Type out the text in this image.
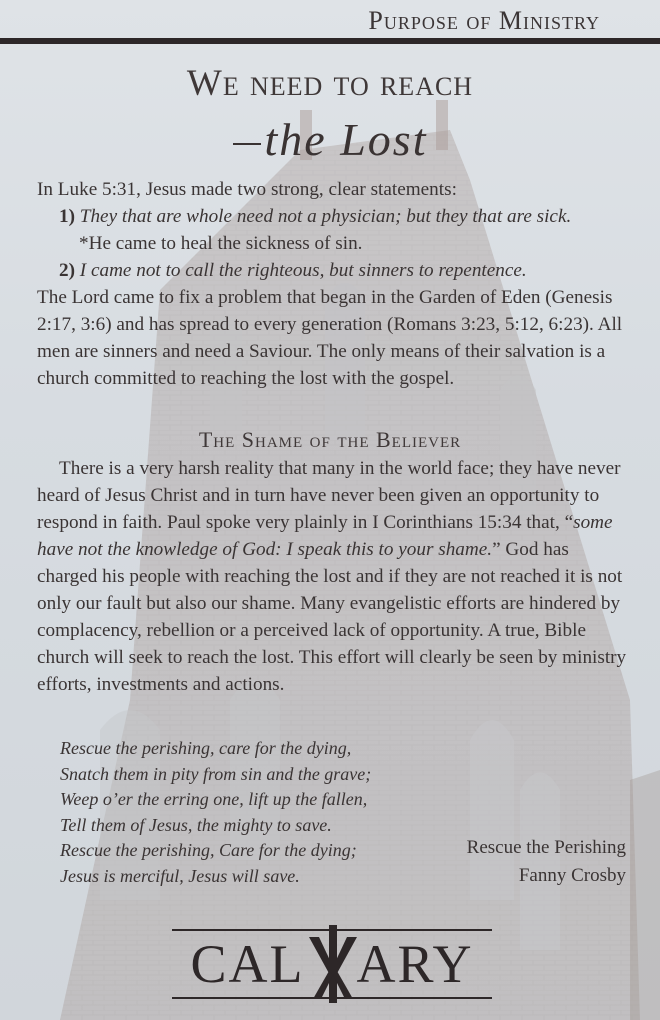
Purpose of Ministry
We need to reach
the Lost
In Luke 5:31, Jesus made two strong, clear statements:
1) They that are whole need not a physician; but they that are sick.
*He came to heal the sickness of sin.
2) I came not to call the righteous, but sinners to repentence.
The Lord came to fix a problem that began in the Garden of Eden (Genesis 2:17, 3:6) and has spread to every generation (Romans 3:23, 5:12, 6:23). All men are sinners and need a Saviour. The only means of their salvation is a church committed to reaching the lost with the gospel.
The Shame of the Believer
There is a very harsh reality that many in the world face; they have never heard of Jesus Christ and in turn have never been given an opportunity to respond in faith. Paul spoke very plainly in I Corinthians 15:34 that, “some have not the knowledge of God: I speak this to your shame.” God has charged his people with reaching the lost and if they are not reached it is not only our fault but also our shame. Many evangelistic efforts are hindered by complacency, rebellion or a perceived lack of opportunity. A true, Bible church will seek to reach the lost. This effort will clearly be seen by ministry efforts, investments and actions.
Rescue the perishing, care for the dying,
Snatch them in pity from sin and the grave;
Weep o’er the erring one, lift up the fallen,
Tell them of Jesus, the mighty to save.
Rescue the perishing, Care for the dying;
Jesus is merciful, Jesus will save.
Rescue the Perishing
Fanny Crosby
CAL ARY
